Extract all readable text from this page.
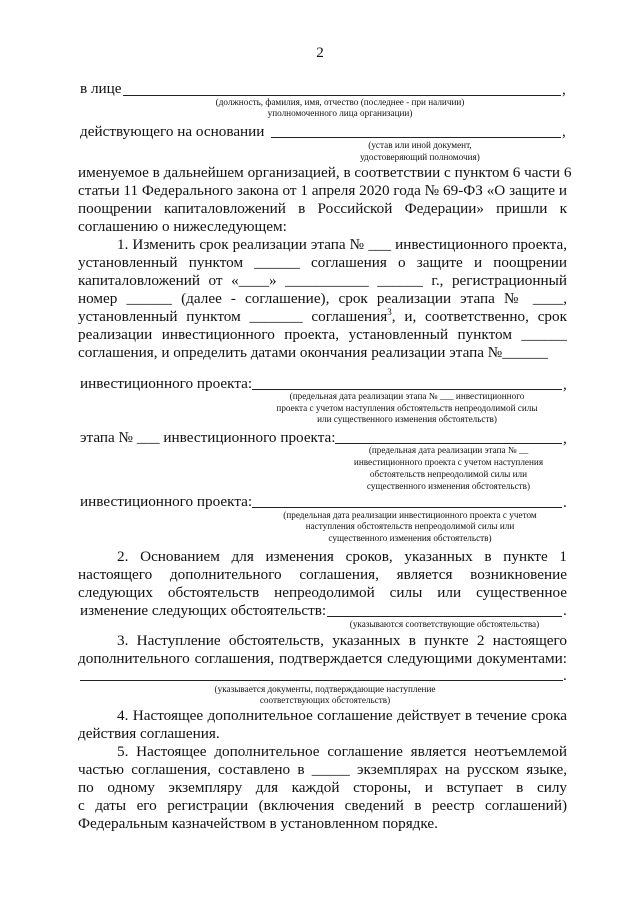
2
в лице	,
(должность, фамилия, имя, отчество (последнее - при наличии)
уполномоченного лица организации)
действующего на основании	,
(устав или иной документ,
удостоверяющий полномочия)
именуемое в дальнейшем организацией, в соответствии с пунктом 6 части 6
статьи 11 Федерального закона от 1 апреля 2020 года № 69-ФЗ «О защите и
поощрении капиталовложений в Российской Федерации» пришли к
соглашению о нижеследующем:
1. Изменить срок реализации этапа № ___ инвестиционного проекта,
установленный пунктом ______ соглашения о защите и поощрении
капиталовложений от «____» ___________ ______ г., регистрационный
номер ______ (далее - соглашение), срок реализации этапа № ____,
установленный пунктом _______ соглашения$^3$, и, соответственно, срок
реализации инвестиционного проекта, установленный пунктом ______
соглашения, и определить датами окончания реализации этапа №______
инвестиционного проекта:	,
(предельная дата реализации этапа № ___ инвестиционного
проекта с учетом наступления обстоятельств непреодолимой силы
или существенного изменения обстоятельств)
этапа № ___ инвестиционного проекта:	,
(предельная дата реализации этапа № __
инвестиционного проекта с учетом наступления
обстоятельств непреодолимой силы или
существенного изменения обстоятельств)
инвестиционного проекта:	.
(предельная дата реализации инвестиционного проекта с учетом
наступления обстоятельств непреодолимой силы или
существенного изменения обстоятельств)
2. Основанием для изменения сроков, указанных в пункте 1
настоящего дополнительного соглашения, является возникновение
следующих обстоятельств непреодолимой силы или существенное
изменение следующих обстоятельств:	.
(указываются соответствующие обстоятельства)
3. Наступление обстоятельств, указанных в пункте 2 настоящего
дополнительного соглашения, подтверждается следующими документами:
.
(указывается документы, подтверждающие наступление
соответствующих обстоятельств)
4. Настоящее дополнительное соглашение действует в течение срока
действия соглашения.
5. Настоящее дополнительное соглашение является неотъемлемой
частью соглашения, составлено в _____ экземплярах на русском языке,
по одному экземпляру для каждой стороны, и вступает в силу
с даты его регистрации (включения сведений в реестр соглашений)
Федеральным казначейством в установленном порядке.
